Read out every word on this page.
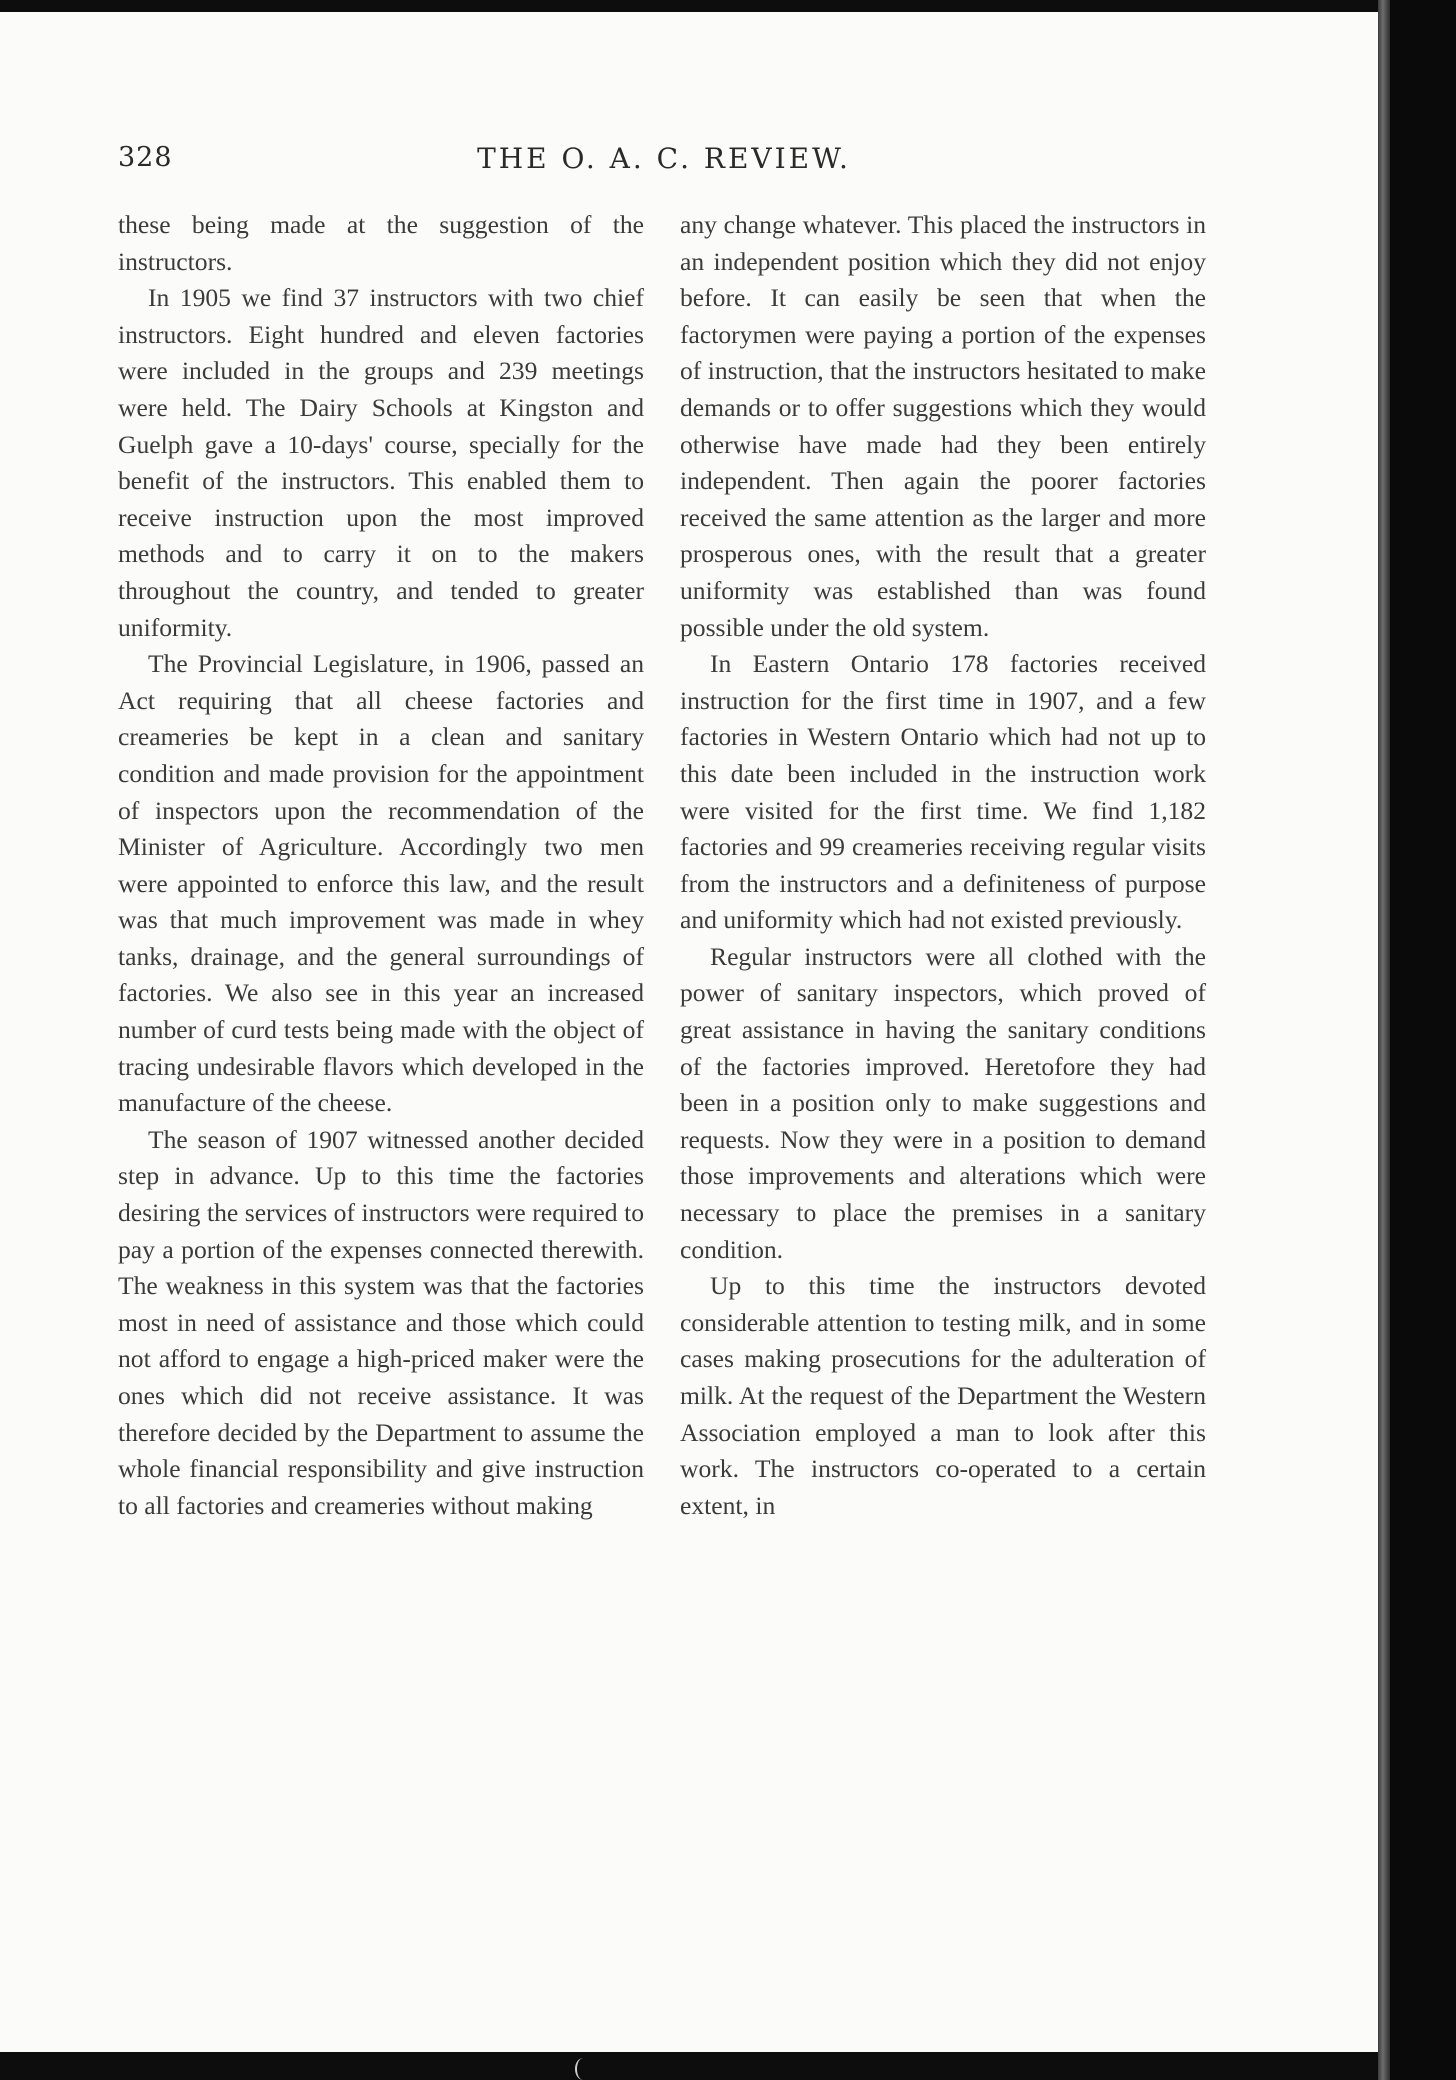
328	THE O. A. C. REVIEW.

these being made at the suggestion of the instructors.

In 1905 we find 37 instructors with two chief instructors. Eight hundred and eleven factories were included in the groups and 239 meetings were held. The Dairy Schools at Kingston and Guelph gave a 10-days' course, specially for the benefit of the instructors. This enabled them to receive instruction upon the most improved methods and to carry it on to the makers throughout the country, and tended to greater uniformity.

The Provincial Legislature, in 1906, passed an Act requiring that all cheese factories and creameries be kept in a clean and sanitary condition and made provision for the appointment of inspectors upon the recommendation of the Minister of Agriculture. Accordingly two men were appointed to enforce this law, and the result was that much improvement was made in whey tanks, drainage, and the general surroundings of factories. We also see in this year an increased number of curd tests being made with the object of tracing undesirable flavors which developed in the manufacture of the cheese.

The season of 1907 witnessed another decided step in advance. Up to this time the factories desiring the services of instructors were required to pay a portion of the expenses connected therewith. The weakness in this system was that the factories most in need of assistance and those which could not afford to engage a high-priced maker were the ones which did not receive assistance. It was therefore decided by the Department to assume the whole financial responsibility and give instruction to all factories and creameries without making

any change whatever. This placed the instructors in an independent position which they did not enjoy before. It can easily be seen that when the factorymen were paying a portion of the expenses of instruction, that the instructors hesitated to make demands or to offer suggestions which they would otherwise have made had they been entirely independent. Then again the poorer factories received the same attention as the larger and more prosperous ones, with the result that a greater uniformity was established than was found possible under the old system.

In Eastern Ontario 178 factories received instruction for the first time in 1907, and a few factories in Western Ontario which had not up to this date been included in the instruction work were visited for the first time. We find 1,182 factories and 99 creameries receiving regular visits from the instructors and a definiteness of purpose and uniformity which had not existed previously.

Regular instructors were all clothed with the power of sanitary inspectors, which proved of great assistance in having the sanitary conditions of the factories improved. Heretofore they had been in a position only to make suggestions and requests. Now they were in a position to demand those improvements and alterations which were necessary to place the premises in a sanitary condition.

Up to this time the instructors devoted considerable attention to testing milk, and in some cases making prosecutions for the adulteration of milk. At the request of the Department the Western Association employed a man to look after this work. The instructors co-operated to a certain extent, in
